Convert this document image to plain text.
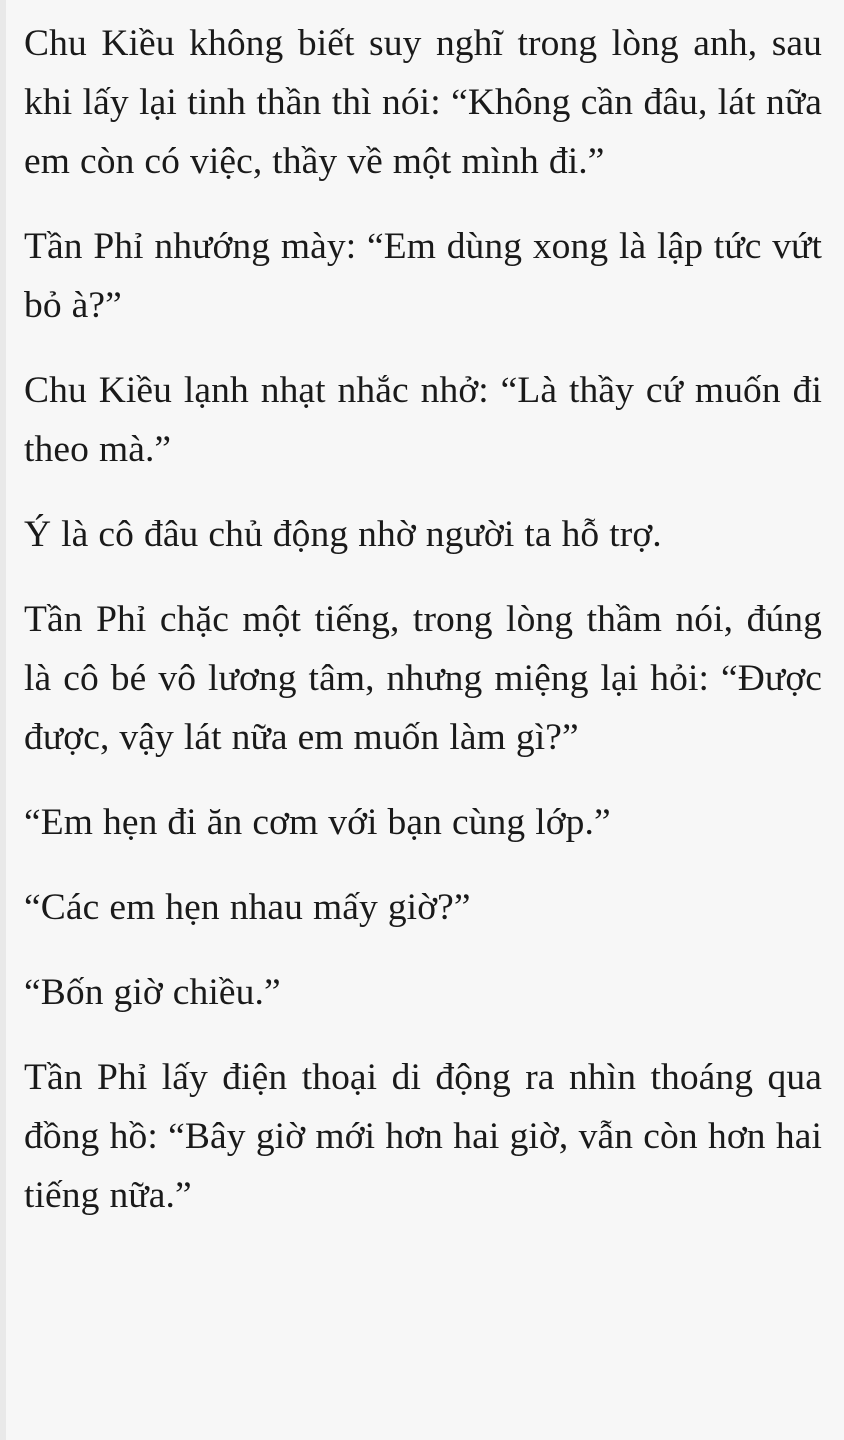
Chu Kiều không biết suy nghĩ trong lòng anh, sau khi lấy lại tinh thần thì nói: “Không cần đâu, lát nữa em còn có việc, thầy về một mình đi.”

Tần Phỉ nhướng mày: “Em dùng xong là lập tức vứt bỏ à?”

Chu Kiều lạnh nhạt nhắc nhở: “Là thầy cứ muốn đi theo mà.”

Ý là cô đâu chủ động nhờ người ta hỗ trợ.

Tần Phỉ chặc một tiếng, trong lòng thầm nói, đúng là cô bé vô lương tâm, nhưng miệng lại hỏi: “Được được, vậy lát nữa em muốn làm gì?”

“Em hẹn đi ăn cơm với bạn cùng lớp.”

“Các em hẹn nhau mấy giờ?”

“Bốn giờ chiều.”

Tần Phỉ lấy điện thoại di động ra nhìn thoáng qua đồng hồ: “Bây giờ mới hơn hai giờ, vẫn còn hơn hai tiếng nữa.”
